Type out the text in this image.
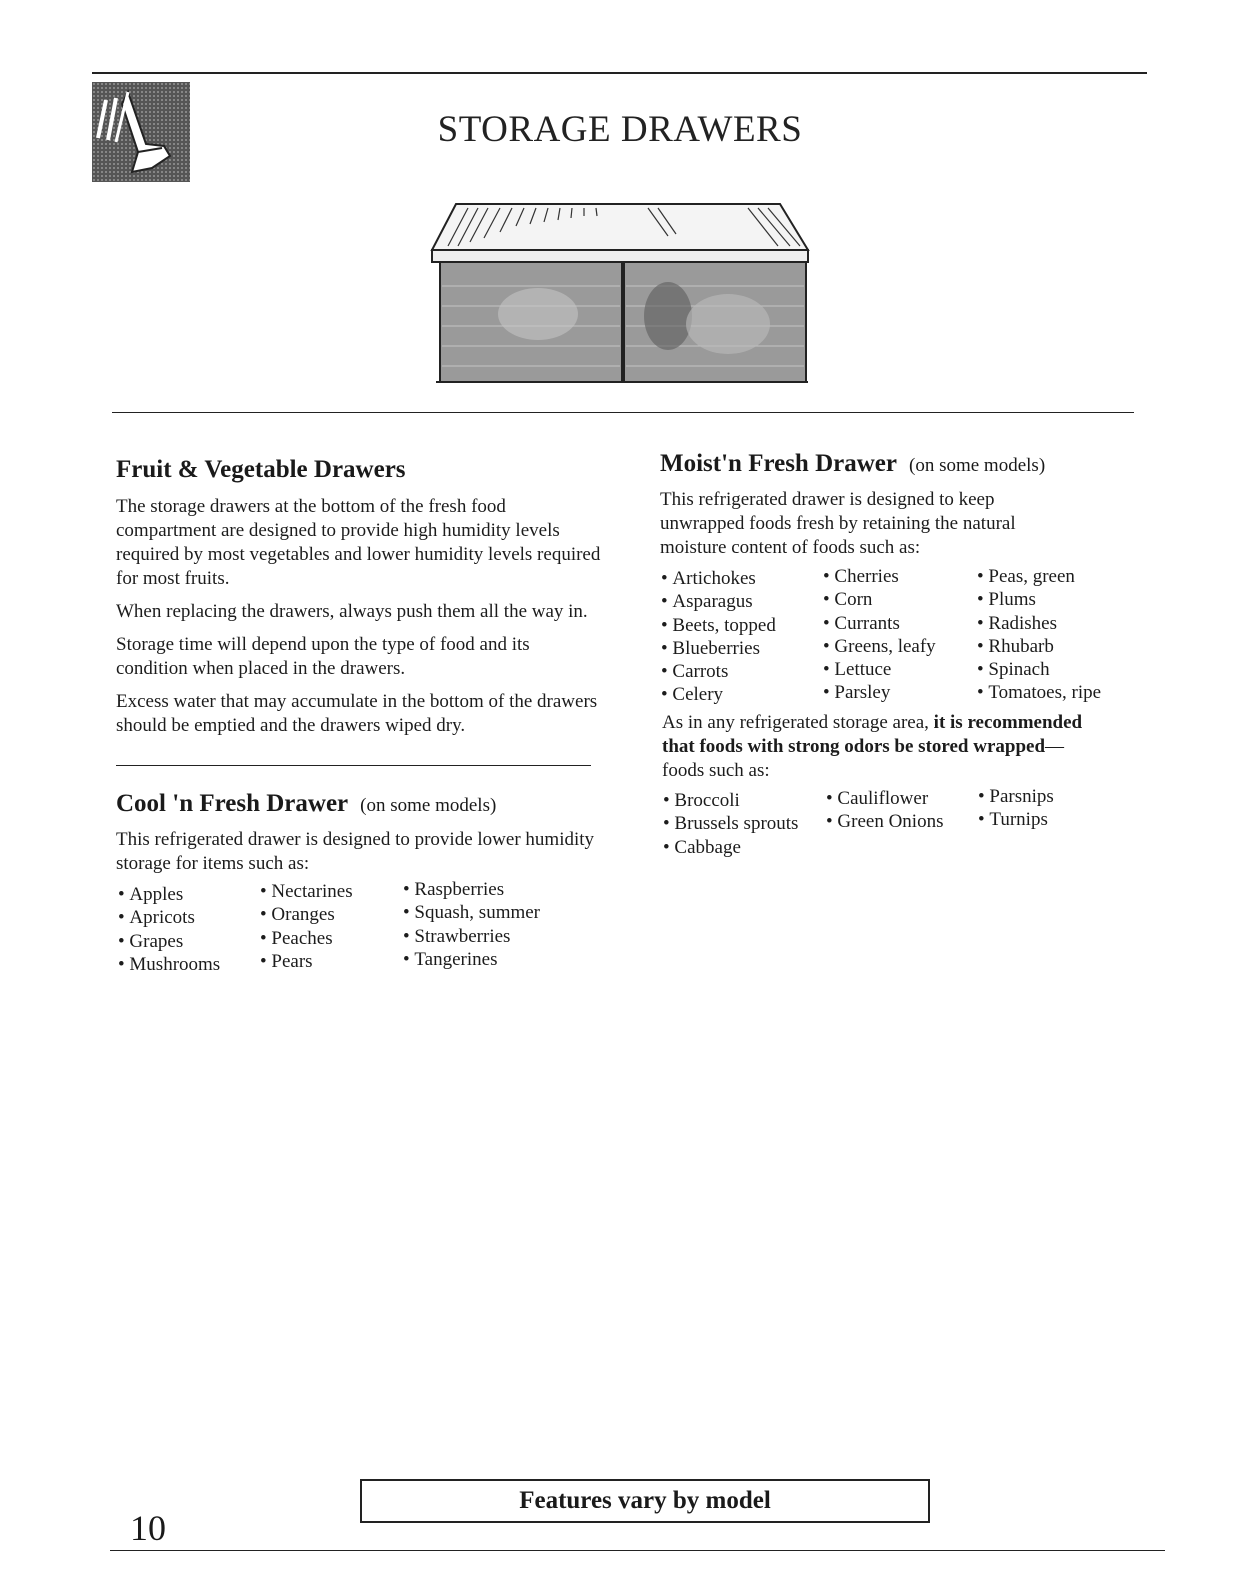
STORAGE DRAWERS
Fruit & Vegetable Drawers

The storage drawers at the bottom of the fresh food compartment are designed to provide high humidity levels required by most vegetables and lower humidity levels required for most fruits.

When replacing the drawers, always push them all the way in.

Storage time will depend upon the type of food and its condition when placed in the drawers.

Excess water that may accumulate in the bottom of the drawers should be emptied and the drawers wiped dry.

Cool 'n Fresh Drawer (on some models)

This refrigerated drawer is designed to provide lower humidity storage for items such as:

• Apples
• Apricots
• Grapes
• Mushrooms
• Nectarines
• Oranges
• Peaches
• Pears
• Raspberries
• Squash, summer
• Strawberries
• Tangerines
Moist'n Fresh Drawer (on some models)

This refrigerated drawer is designed to keep unwrapped foods fresh by retaining the natural moisture content of foods such as:

• Artichokes
• Asparagus
• Beets, topped
• Blueberries
• Carrots
• Celery
• Cherries
• Corn
• Currants
• Greens, leafy
• Lettuce
• Parsley
• Peas, green
• Plums
• Radishes
• Rhubarb
• Spinach
• Tomatoes, ripe

As in any refrigerated storage area, it is recommended that foods with strong odors be stored wrapped—foods such as:

• Broccoli
• Brussels sprouts
• Cabbage
• Cauliflower
• Green Onions
• Parsnips
• Turnips
Features vary by model
10
